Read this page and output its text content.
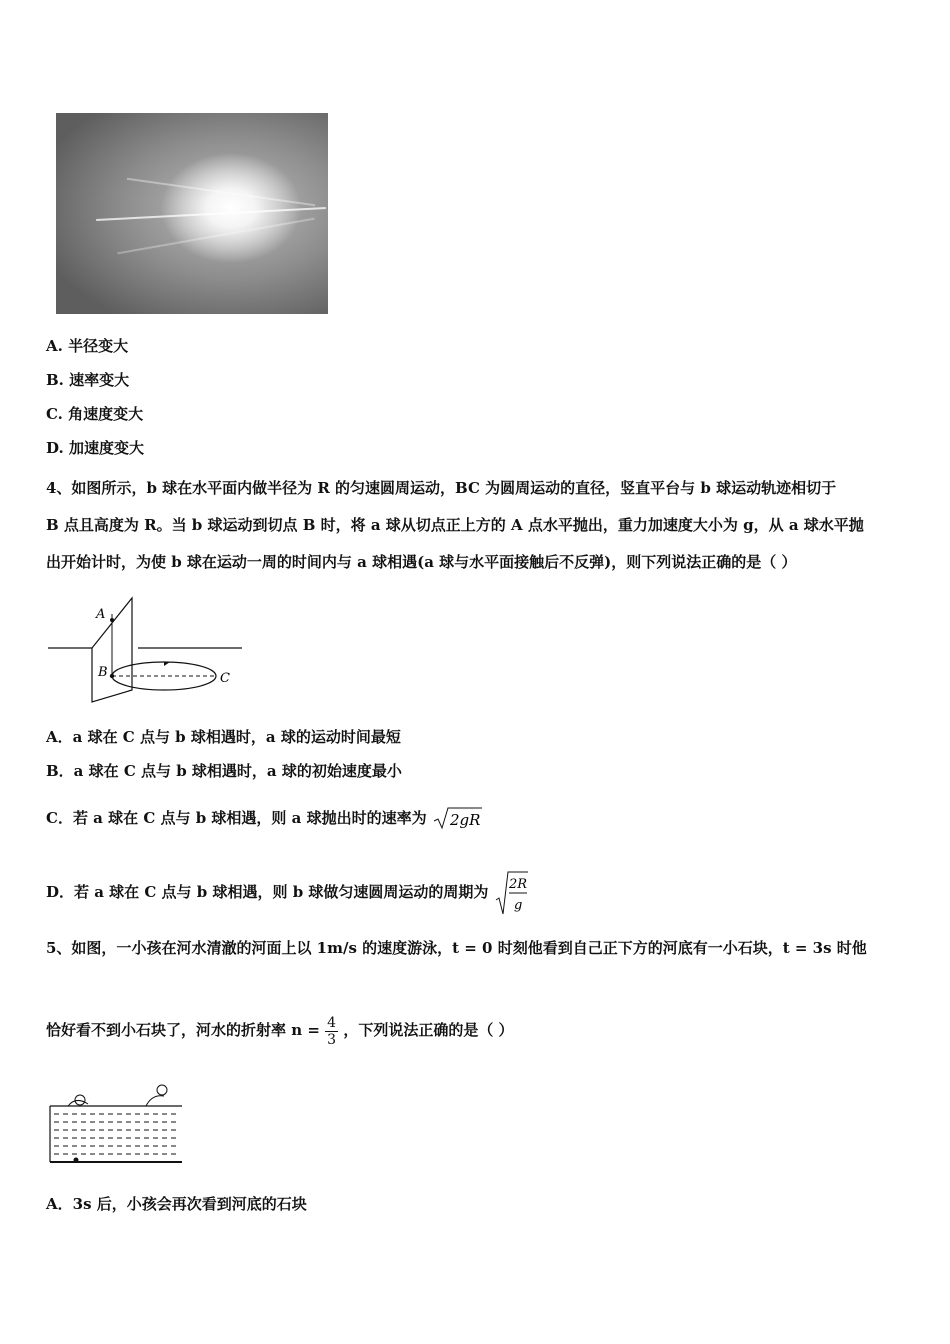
A. 半径变大
B. 速率变大
C. 角速度变大
D. 加速度变大
4、如图所示，b 球在水平面内做半径为 R 的匀速圆周运动，BC 为圆周运动的直径，竖直平台与 b 球运动轨迹相切于
B 点且高度为 R。当 b 球运动到切点 B 时，将 a 球从切点正上方的 A 点水平抛出，重力加速度大小为 g，从 a 球水平抛
出开始计时，为使 b 球在运动一周的时间内与 a 球相遇(a 球与水平面接触后不反弹)，则下列说法正确的是（ ）
A
B	C
A．a 球在 C 点与 b 球相遇时，a 球的运动时间最短
B．a 球在 C 点与 b 球相遇时，a 球的初始速度最小
C．若 a 球在 C 点与 b 球相遇，则 a 球抛出时的速率为 2gR
D．若 a 球在 C 点与 b 球相遇，则 b 球做匀速圆周运动的周期为 2R
g
5、如图，一小孩在河水清澈的河面上以 1m/s 的速度游泳，t = 0 时刻他看到自己正下方的河底有一小石块，t = 3s 时他
恰好看不到小石块了，河水的折射率 $n = \frac{4}{3}$ ，下列说法正确的是（ ）
A．3s 后，小孩会再次看到河底的石块
